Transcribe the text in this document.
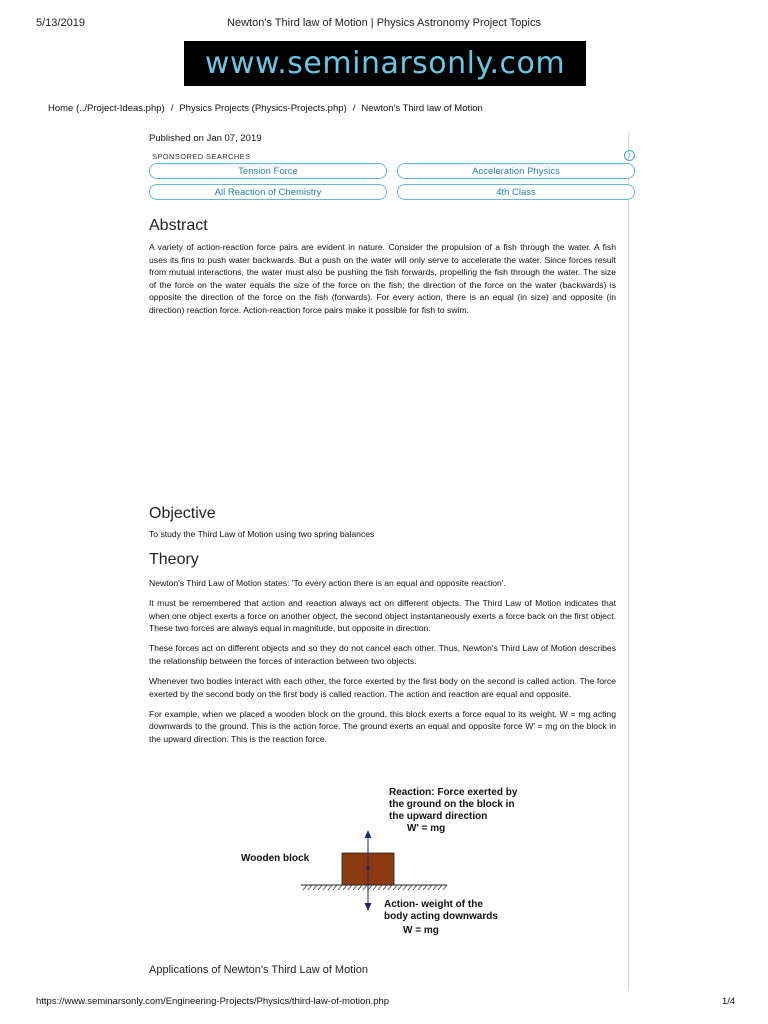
5/13/2019	Newton's Third law of Motion | Physics Astronomy Project Topics
www.seminarsonly.com
Home (../Project-Ideas.php) / Physics Projects (Physics-Projects.php) / Newton's Third law of Motion
Published on Jan 07, 2019
SPONSORED SEARCHES	i
Tension Force	Acceleration Physics
All Reaction of Chemistry	4th Class
Abstract
A variety of action-reaction force pairs are evident in nature. Consider the propulsion of a fish through the water. A fish uses its fins to push water backwards. But a push on the water will only serve to accelerate the water. Since forces result from mutual interactions, the water must also be pushing the fish forwards, propelling the fish through the water. The size of the force on the water equals the size of the force on the fish; the direction of the force on the water (backwards) is opposite the direction of the force on the fish (forwards). For every action, there is an equal (in size) and opposite (in direction) reaction force. Action-reaction force pairs make it possible for fish to swim.
Objective
To study the Third Law of Motion using two spring balances
Theory

Newton's Third Law of Motion states: 'To every action there is an equal and opposite reaction'.

It must be remembered that action and reaction always act on different objects. The Third Law of Motion indicates that when one object exerts a force on another object, the second object instantaneously exerts a force back on the first object. These two forces are always equal in magnitude, but opposite in direction.

These forces act on different objects and so they do not cancel each other. Thus, Newton's Third Law of Motion describes the relationship between the forces of interaction between two objects.

Whenever two bodies interact with each other, the force exerted by the first body on the second is called action. The force exerted by the second body on the first body is called reaction. The action and reaction are equal and opposite.

For example, when we placed a wooden block on the ground, this block exerts a force equal to its weight, W = mg acting downwards to the ground. This is the action force. The ground exerts an equal and opposite force W' = mg on the block in the upward direction. This is the reaction force.

Reaction: Force exerted by
the ground on the block in
the upward direction
W' = mg
Wooden block
Action- weight of the
body acting downwards
W = mg
Applications of Newton's Third Law of Motion
https://www.seminarsonly.com/Engineering-Projects/Physics/third-law-of-motion.php	1/4
